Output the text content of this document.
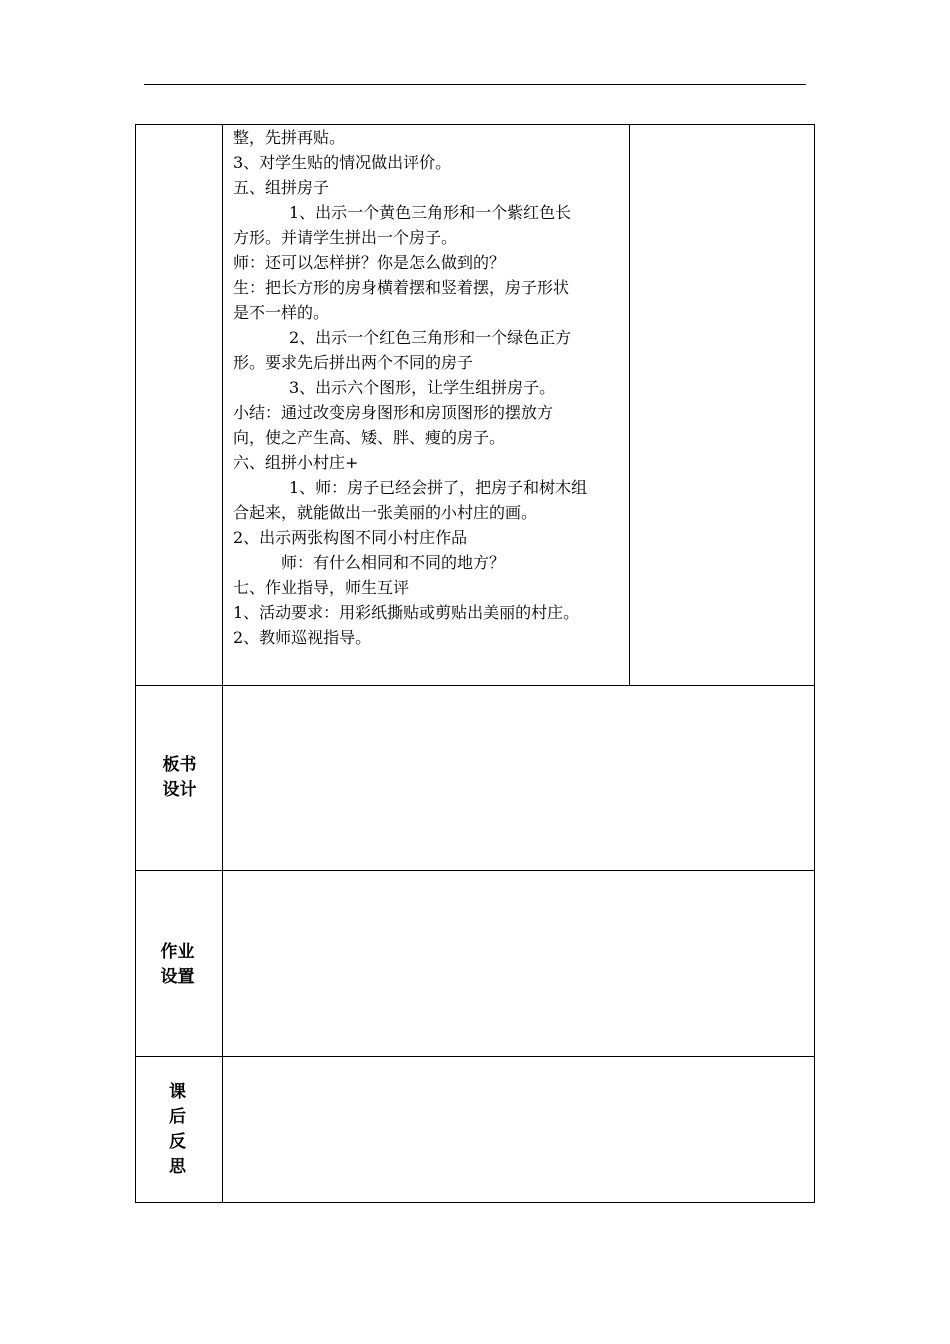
整，先拼再贴。

3、对学生贴的情况做出评价。

五、组拼房子

1、出示一个黄色三角形和一个紫红色长

方形。并请学生拼出一个房子。

师：还可以怎样拼？你是怎么做到的？

生：把长方形的房身横着摆和竖着摆，房子形状

是不一样的。

2、出示一个红色三角形和一个绿色正方

形。要求先后拼出两个不同的房子

3、出示六个图形，让学生组拼房子。

小结：通过改变房身图形和房顶图形的摆放方

向，使之产生高、矮、胖、瘦的房子。

六、组拼小村庄+

1、师：房子已经会拼了，把房子和树木组

合起来，就能做出一张美丽的小村庄的画。

2、出示两张构图不同小村庄作品

师：有什么相同和不同的地方？

七、作业指导，师生互评

1、活动要求：用彩纸撕贴或剪贴出美丽的村庄。

2、教师巡视指导。

板书
设计
作业
设置
课
后
反
思
